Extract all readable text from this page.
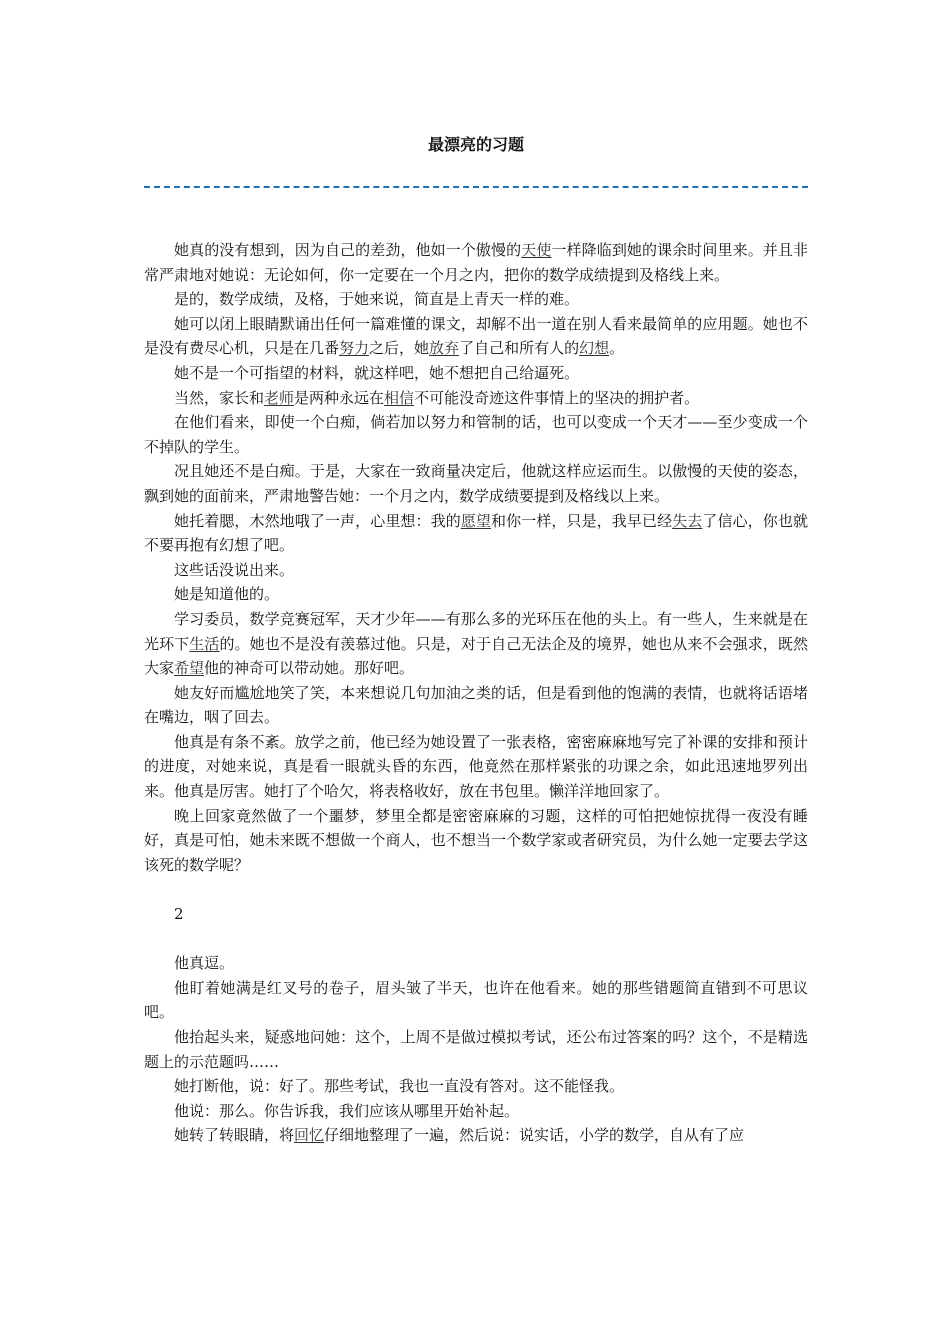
最漂亮的习题

她真的没有想到，因为自己的差劲，他如一个傲慢的天使一样降临到她的课余时间里来。并且非常严肃地对她说：无论如何，你一定要在一个月之内，把你的数学成绩提到及格线上来。

是的，数学成绩，及格，于她来说，简直是上青天一样的难。

她可以闭上眼睛默诵出任何一篇难懂的课文，却解不出一道在别人看来最简单的应用题。她也不是没有费尽心机，只是在几番努力之后，她放弃了自己和所有人的幻想。

她不是一个可指望的材料，就这样吧，她不想把自己给逼死。

当然，家长和老师是两种永远在相信不可能没奇迹这件事情上的坚决的拥护者。

在他们看来，即使一个白痴，倘若加以努力和管制的话，也可以变成一个天才——至少变成一个不掉队的学生。

况且她还不是白痴。于是，大家在一致商量决定后，他就这样应运而生。以傲慢的天使的姿态，飘到她的面前来，严肃地警告她：一个月之内，数学成绩要提到及格线以上来。

她托着腮，木然地哦了一声，心里想：我的愿望和你一样，只是，我早已经失去了信心，你也就不要再抱有幻想了吧。

这些话没说出来。

她是知道他的。

学习委员，数学竞赛冠军，天才少年——有那么多的光环压在他的头上。有一些人，生来就是在光环下生活的。她也不是没有羡慕过他。只是，对于自己无法企及的境界，她也从来不会强求，既然大家希望他的神奇可以带动她。那好吧。

她友好而尴尬地笑了笑，本来想说几句加油之类的话，但是看到他的饱满的表情，也就将话语堵在嘴边，咽了回去。

他真是有条不紊。放学之前，他已经为她设置了一张表格，密密麻麻地写完了补课的安排和预计的进度，对她来说，真是看一眼就头昏的东西，他竟然在那样紧张的功课之余，如此迅速地罗列出来。他真是厉害。她打了个哈欠，将表格收好，放在书包里。懒洋洋地回家了。

晚上回家竟然做了一个噩梦，梦里全都是密密麻麻的习题，这样的可怕把她惊扰得一夜没有睡好，真是可怕，她未来既不想做一个商人，也不想当一个数学家或者研究员，为什么她一定要去学这该死的数学呢？

2

他真逗。

他盯着她满是红叉号的卷子，眉头皱了半天，也许在他看来。她的那些错题简直错到不可思议吧。

他抬起头来，疑惑地问她：这个，上周不是做过模拟考试，还公布过答案的吗？这个，不是精选题上的示范题吗……

她打断他，说：好了。那些考试，我也一直没有答对。这不能怪我。

他说：那么。你告诉我，我们应该从哪里开始补起。

她转了转眼睛，将回忆仔细地整理了一遍，然后说：说实话，小学的数学，自从有了应
